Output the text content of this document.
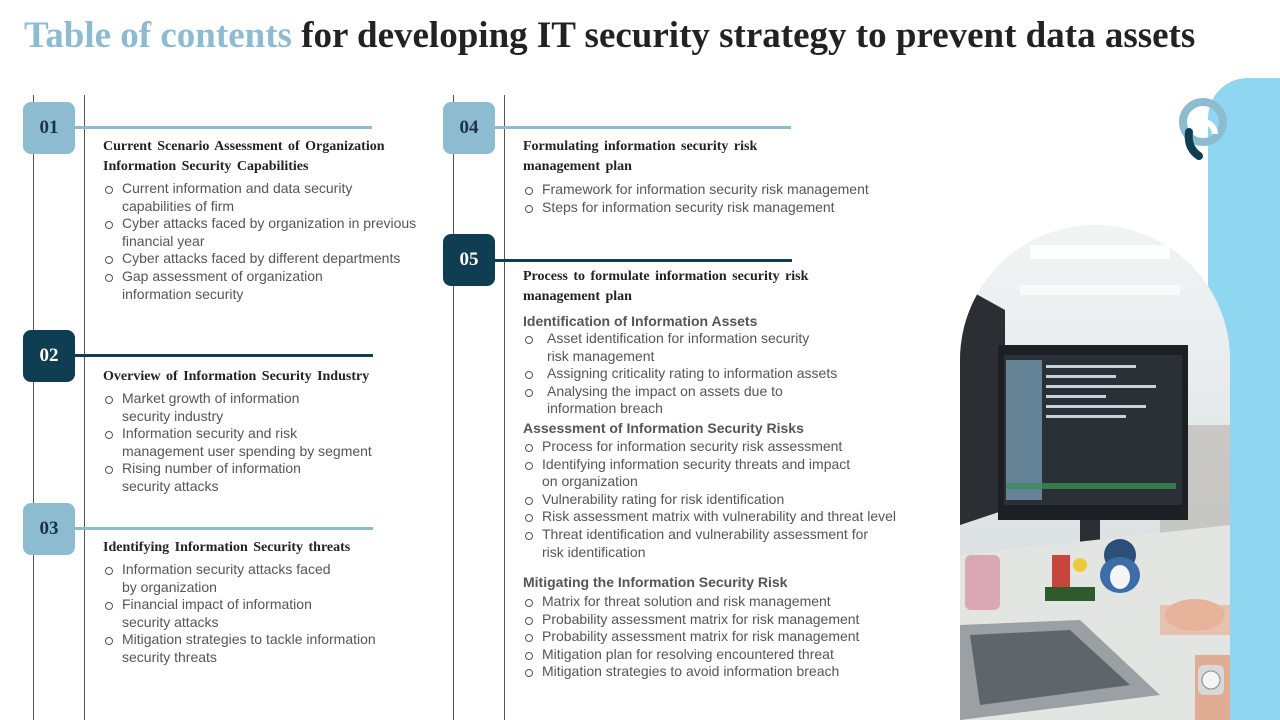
Table of contents for developing IT security strategy to prevent data assets
01
Current Scenario Assessment of Organization
Information Security Capabilities
Current information and data security
capabilities of firm
Cyber attacks faced by organization in previous
financial year
Cyber attacks faced by different departments
Gap assessment of organization
information security
02
Overview of Information Security Industry
Market growth of information
security industry
Information security and risk
management user spending by segment
Rising number of information
security attacks
03
Identifying Information Security threats
Information security attacks faced
by organization
Financial impact of information
security attacks
Mitigation strategies to tackle information
security threats
04
Formulating information security risk
management plan
Framework for information security risk management
Steps for information security risk management
05
Process to formulate information security risk
management plan
Identification of Information Assets
Asset identification for information security
risk management
Assigning criticality rating to information assets
Analysing the impact on assets due to
information breach
Assessment of Information Security Risks
Process for information security risk assessment
Identifying information security threats and impact
on organization
Vulnerability rating for risk identification
Risk assessment matrix with vulnerability and threat level
Threat identification and vulnerability assessment for
risk identification
Mitigating the Information Security Risk
Matrix for threat solution and risk management
Probability assessment matrix for risk management
Probability assessment matrix for risk management
Mitigation plan for resolving encountered threat
Mitigation strategies to avoid information breach
